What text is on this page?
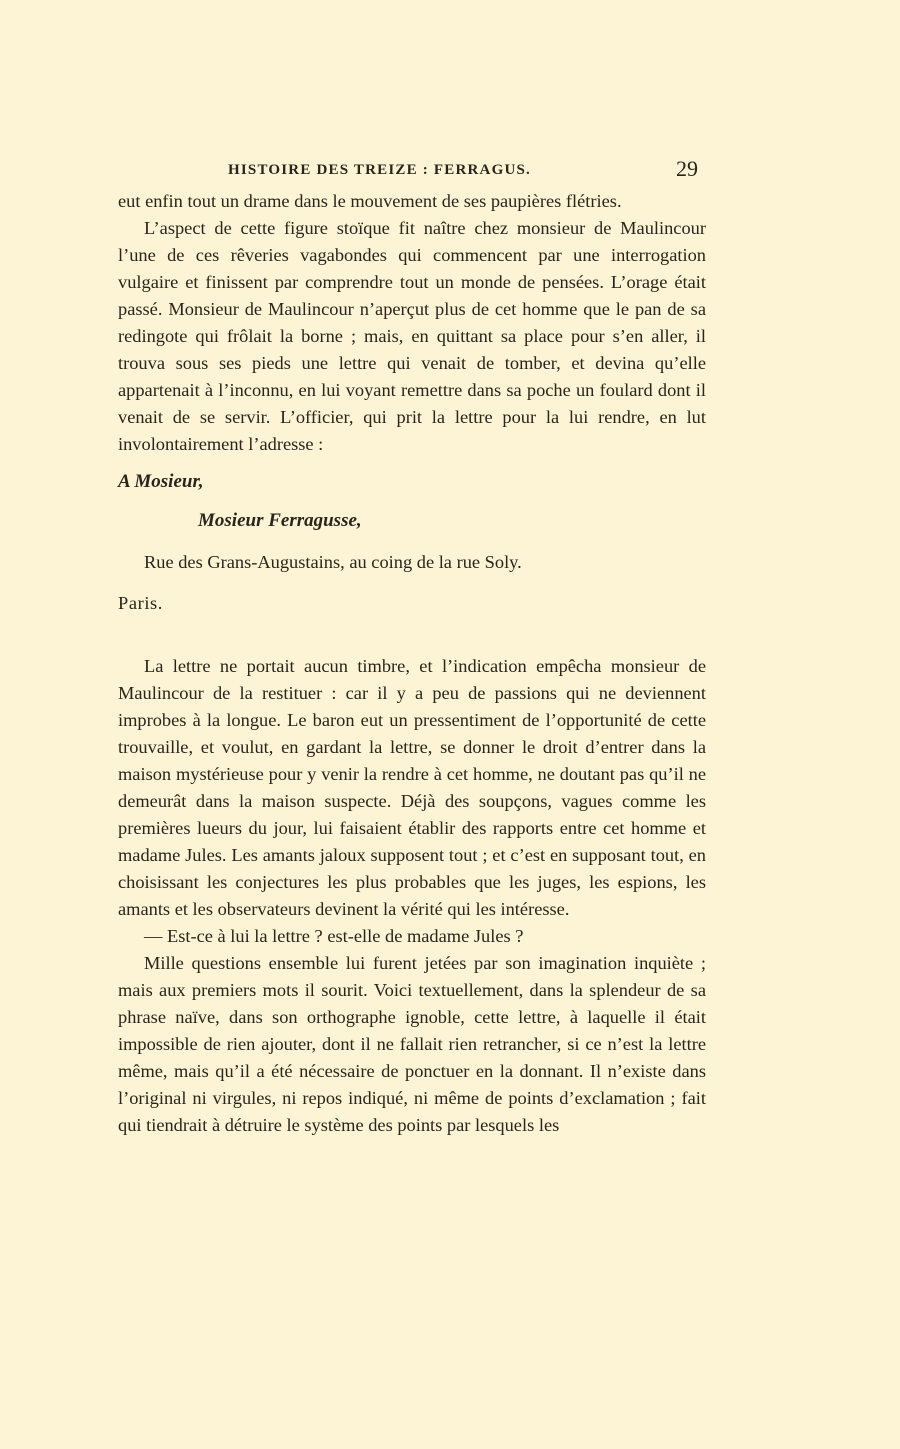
HISTOIRE DES TREIZE : FERRAGUS.	29

eut enfin tout un drame dans le mouvement de ses paupières flétries.

L’aspect de cette figure stoïque fit naître chez monsieur de Maulincour l’une de ces rêveries vagabondes qui commencent par une interrogation vulgaire et finissent par comprendre tout un monde de pensées. L’orage était passé. Monsieur de Maulincour n’aperçut plus de cet homme que le pan de sa redingote qui frôlait la borne ; mais, en quittant sa place pour s’en aller, il trouva sous ses pieds une lettre qui venait de tomber, et devina qu’elle appartenait à l’inconnu, en lui voyant remettre dans sa poche un foulard dont il venait de se servir. L’officier, qui prit la lettre pour la lui rendre, en lut involontairement l’adresse :

A Mosieur,

Mosieur Ferragusse,

Rue des Grans-Augustains, au coing de la rue Soly.

Paris.

La lettre ne portait aucun timbre, et l’indication empêcha monsieur de Maulincour de la restituer : car il y a peu de passions qui ne deviennent improbes à la longue. Le baron eut un pressentiment de l’opportunité de cette trouvaille, et voulut, en gardant la lettre, se donner le droit d’entrer dans la maison mystérieuse pour y venir la rendre à cet homme, ne doutant pas qu’il ne demeurât dans la maison suspecte. Déjà des soupçons, vagues comme les premières lueurs du jour, lui faisaient établir des rapports entre cet homme et madame Jules. Les amants jaloux supposent tout ; et c’est en supposant tout, en choisissant les conjectures les plus probables que les juges, les espions, les amants et les observateurs devinent la vérité qui les intéresse.

— Est-ce à lui la lettre ? est-elle de madame Jules ?

Mille questions ensemble lui furent jetées par son imagination inquiète ; mais aux premiers mots il sourit. Voici textuellement, dans la splendeur de sa phrase naïve, dans son orthographe ignoble, cette lettre, à laquelle il était impossible de rien ajouter, dont il ne fallait rien retrancher, si ce n’est la lettre même, mais qu’il a été nécessaire de ponctuer en la donnant. Il n’existe dans l’original ni virgules, ni repos indiqué, ni même de points d’exclamation ; fait qui tiendrait à détruire le système des points par lesquels les
